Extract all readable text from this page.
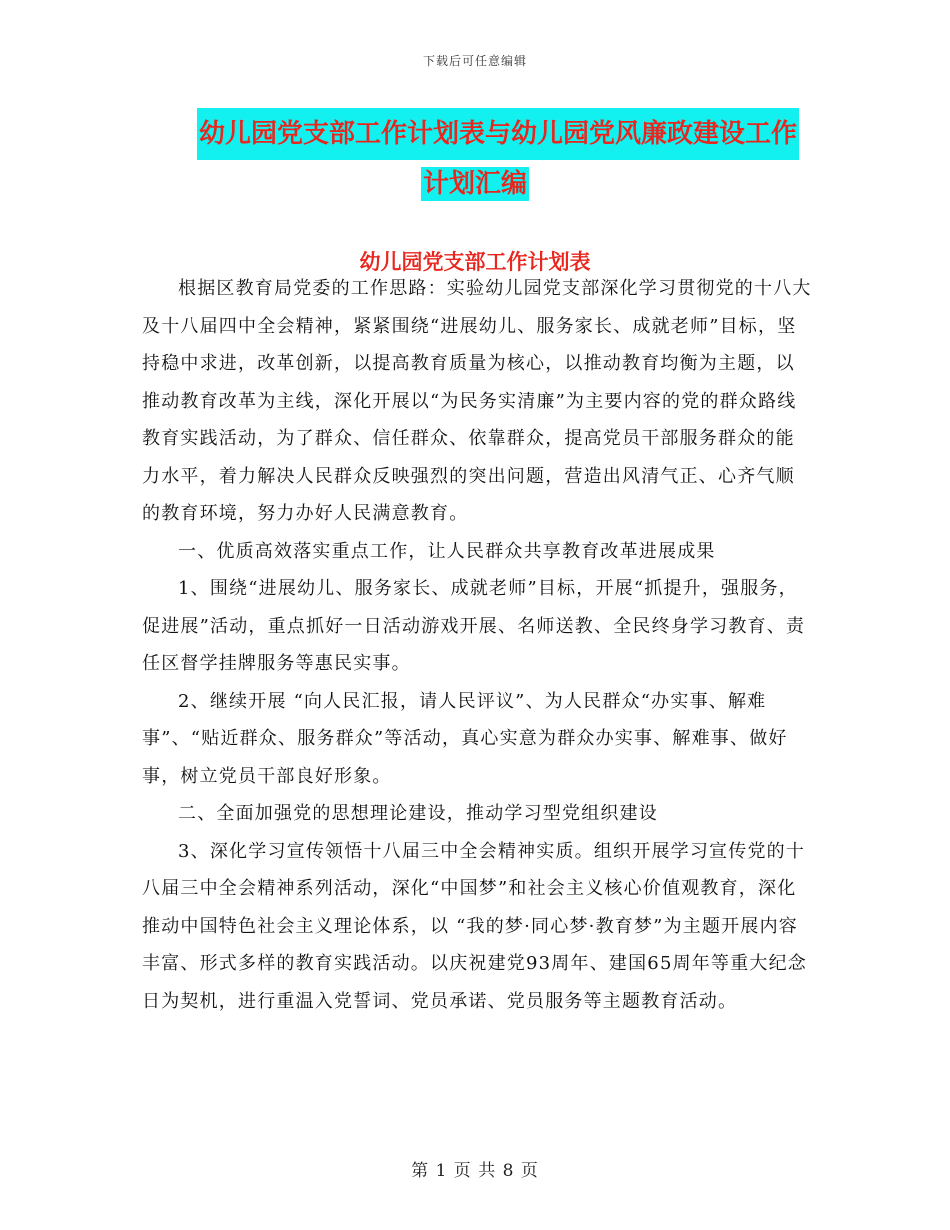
下载后可任意编辑
幼儿园党支部工作计划表与幼儿园党风廉政建设工作
计划汇编
幼儿园党支部工作计划表

根据区教育局党委的工作思路：实验幼儿园党支部深化学习贯彻党的十八大及十八届四中全会精神，紧紧围绕“进展幼儿、服务家长、成就老师”目标，坚持稳中求进，改革创新，以提高教育质量为核心，以推动教育均衡为主题，以推动教育改革为主线，深化开展以“为民务实清廉”为主要内容的党的群众路线教育实践活动，为了群众、信任群众、依靠群众，提高党员干部服务群众的能力水平，着力解决人民群众反映强烈的突出问题，营造出风清气正、心齐气顺的教育环境，努力办好人民满意教育。

一、优质高效落实重点工作，让人民群众共享教育改革进展成果

1、围绕“进展幼儿、服务家长、成就老师”目标，开展“抓提升，强服务，促进展”活动，重点抓好一日活动游戏开展、名师送教、全民终身学习教育、责任区督学挂牌服务等惠民实事。

2、继续开展 “向人民汇报，请人民评议”、为人民群众“办实事、解难事”、“贴近群众、服务群众”等活动，真心实意为群众办实事、解难事、做好事，树立党员干部良好形象。

二、全面加强党的思想理论建设，推动学习型党组织建设

3、深化学习宣传领悟十八届三中全会精神实质。组织开展学习宣传党的十八届三中全会精神系列活动，深化“中国梦”和社会主义核心价值观教育，深化推动中国特色社会主义理论体系，以 “我的梦·同心梦·教育梦”为主题开展内容丰富、形式多样的教育实践活动。以庆祝建党93周年、建国65周年等重大纪念日为契机，进行重温入党誓词、党员承诺、党员服务等主题教育活动。

第 1 页 共 8 页
